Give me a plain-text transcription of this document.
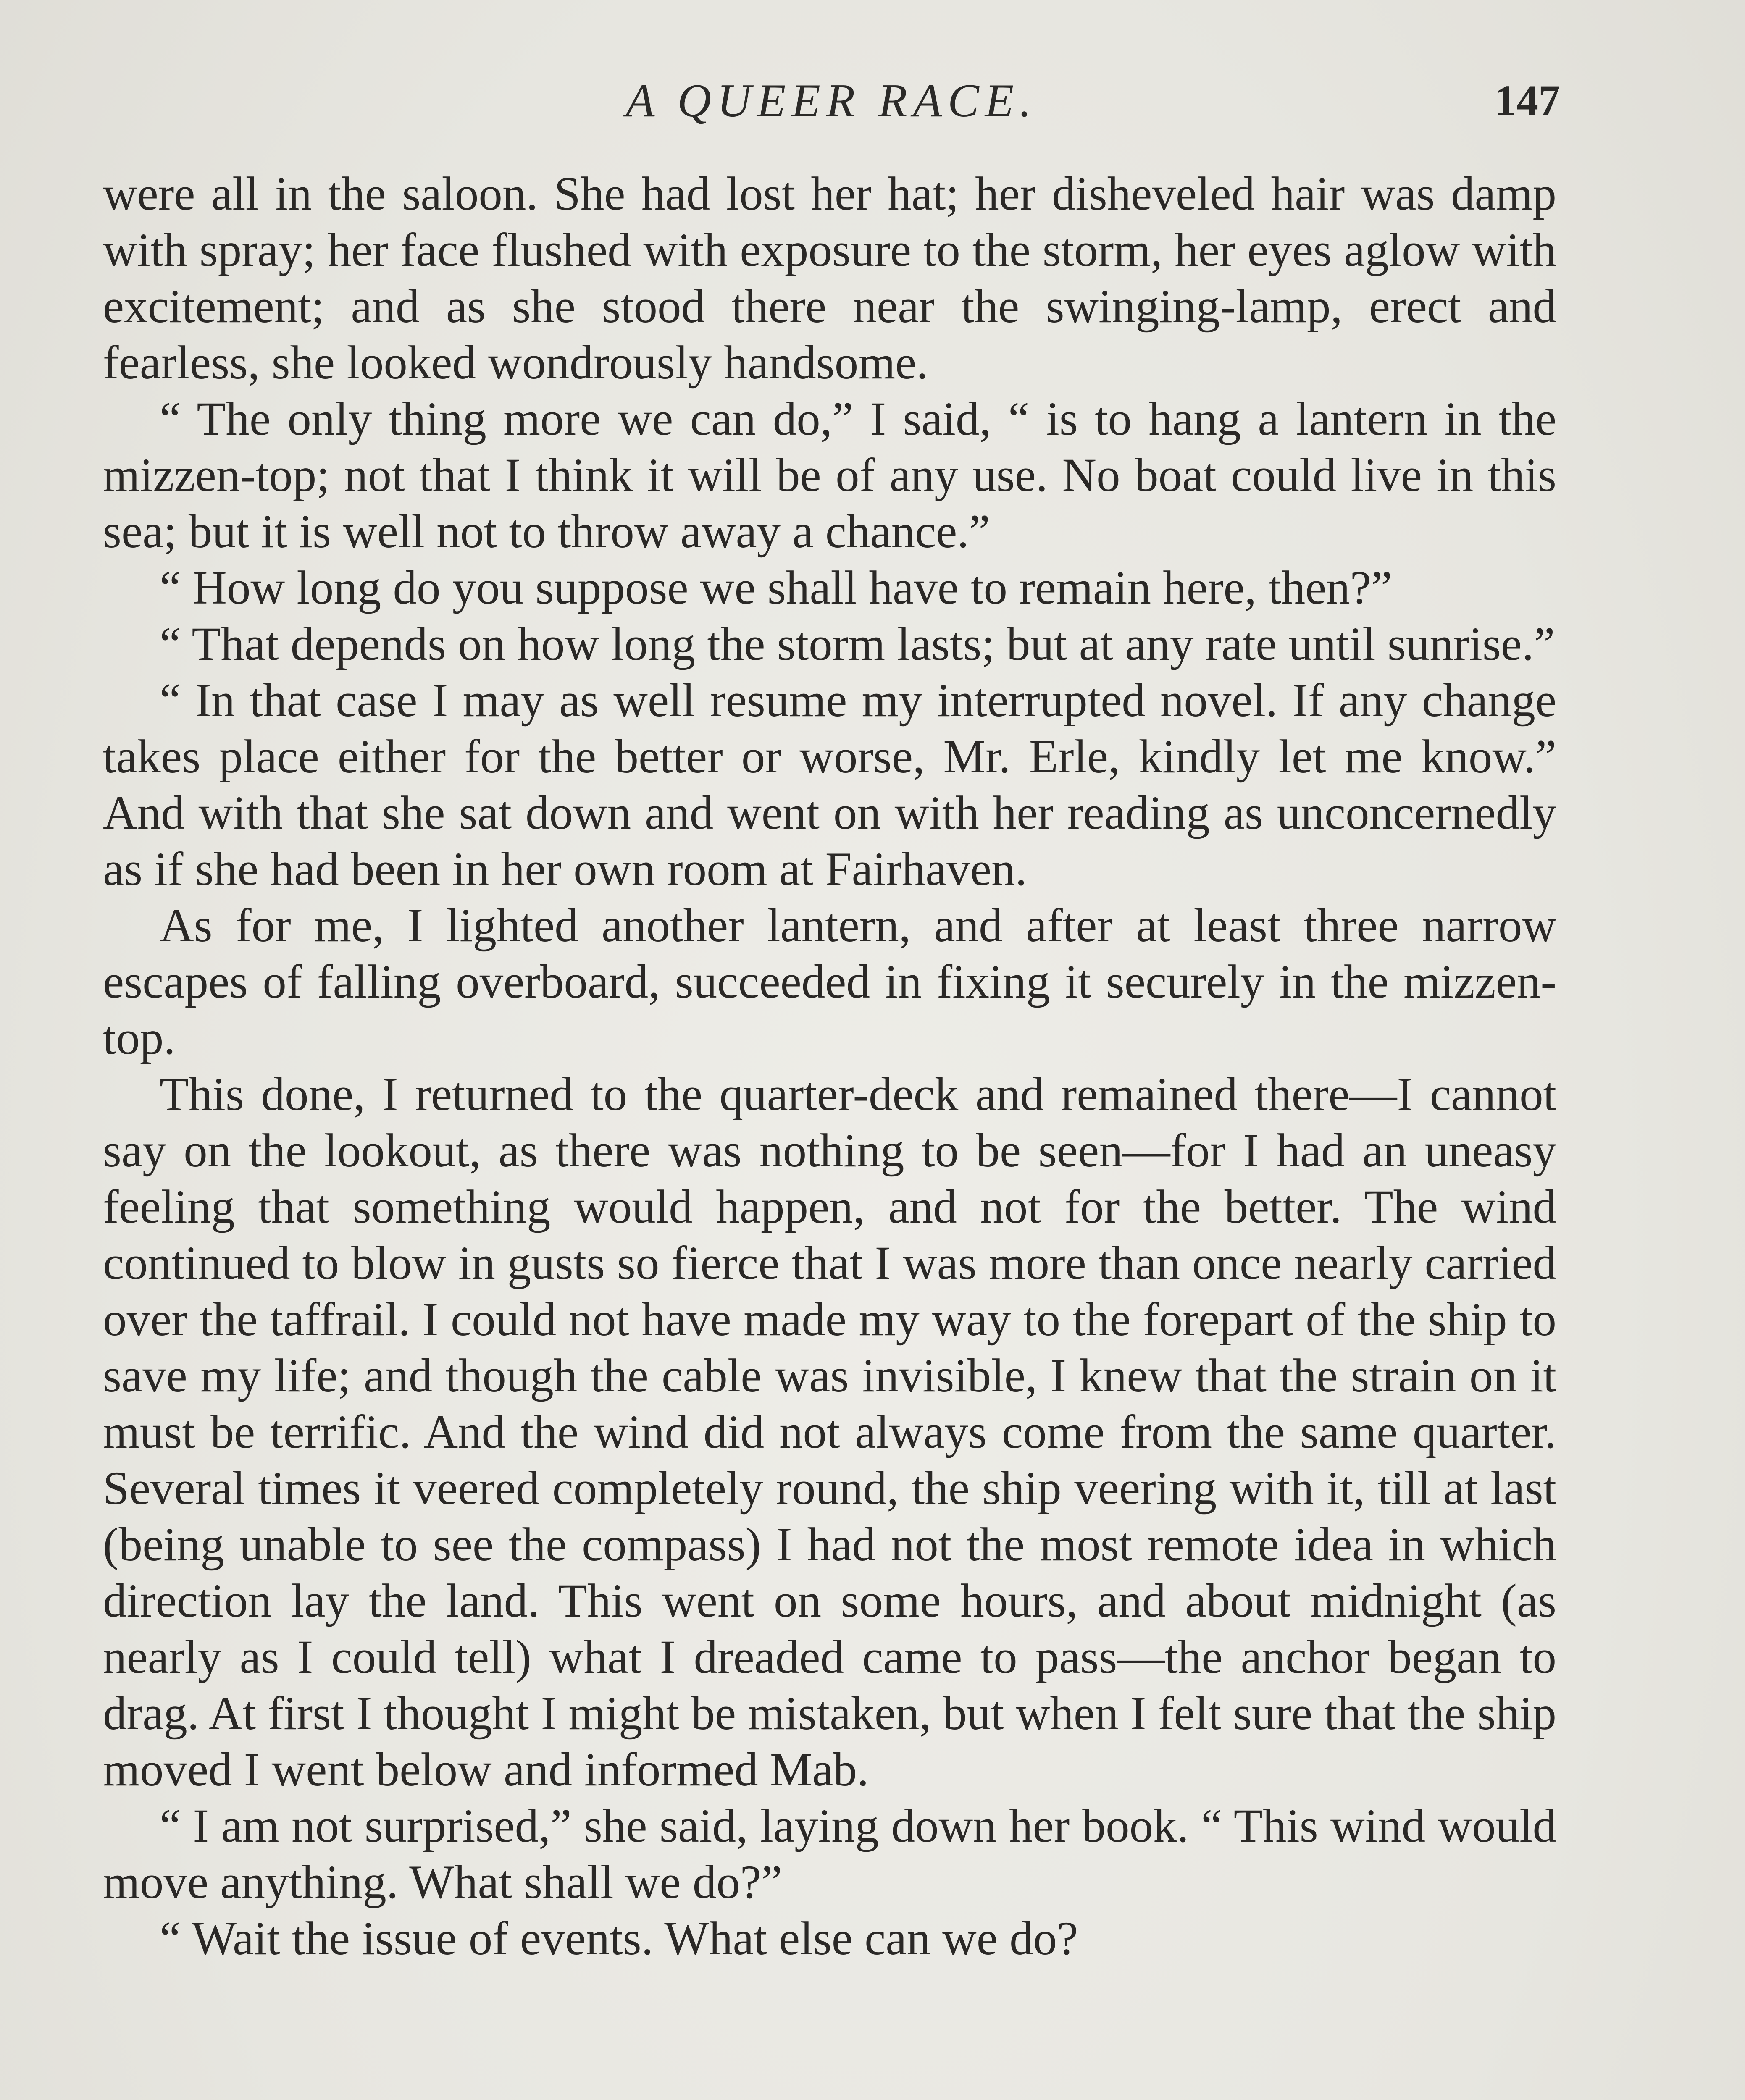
A QUEER RACE.	147

were all in the saloon. She had lost her hat; her disheveled hair was damp with spray; her face flushed with exposure to the storm, her eyes aglow with excitement; and as she stood there near the swinging-lamp, erect and fearless, she looked wondrously handsome.

“ The only thing more we can do,” I said, “ is to hang a lantern in the mizzen-top; not that I think it will be of any use. No boat could live in this sea; but it is well not to throw away a chance.”

“ How long do you suppose we shall have to remain here, then?”

“ That depends on how long the storm lasts; but at any rate until sunrise.”

“ In that case I may as well resume my interrupted novel. If any change takes place either for the better or worse, Mr. Erle, kindly let me know.” And with that she sat down and went on with her reading as unconcernedly as if she had been in her own room at Fairhaven.

As for me, I lighted another lantern, and after at least three narrow escapes of falling overboard, succeeded in fixing it securely in the mizzen-top.

This done, I returned to the quarter-deck and remained there—I cannot say on the lookout, as there was nothing to be seen—for I had an uneasy feeling that something would happen, and not for the better. The wind continued to blow in gusts so fierce that I was more than once nearly carried over the taffrail. I could not have made my way to the forepart of the ship to save my life; and though the cable was invisible, I knew that the strain on it must be terrific. And the wind did not always come from the same quarter. Several times it veered completely round, the ship veering with it, till at last (being unable to see the compass) I had not the most remote idea in which direction lay the land. This went on some hours, and about midnight (as nearly as I could tell) what I dreaded came to pass—the anchor began to drag. At first I thought I might be mistaken, but when I felt sure that the ship moved I went below and informed Mab.

“ I am not surprised,” she said, laying down her book. “ This wind would move anything. What shall we do?”

“ Wait the issue of events. What else can we do?
